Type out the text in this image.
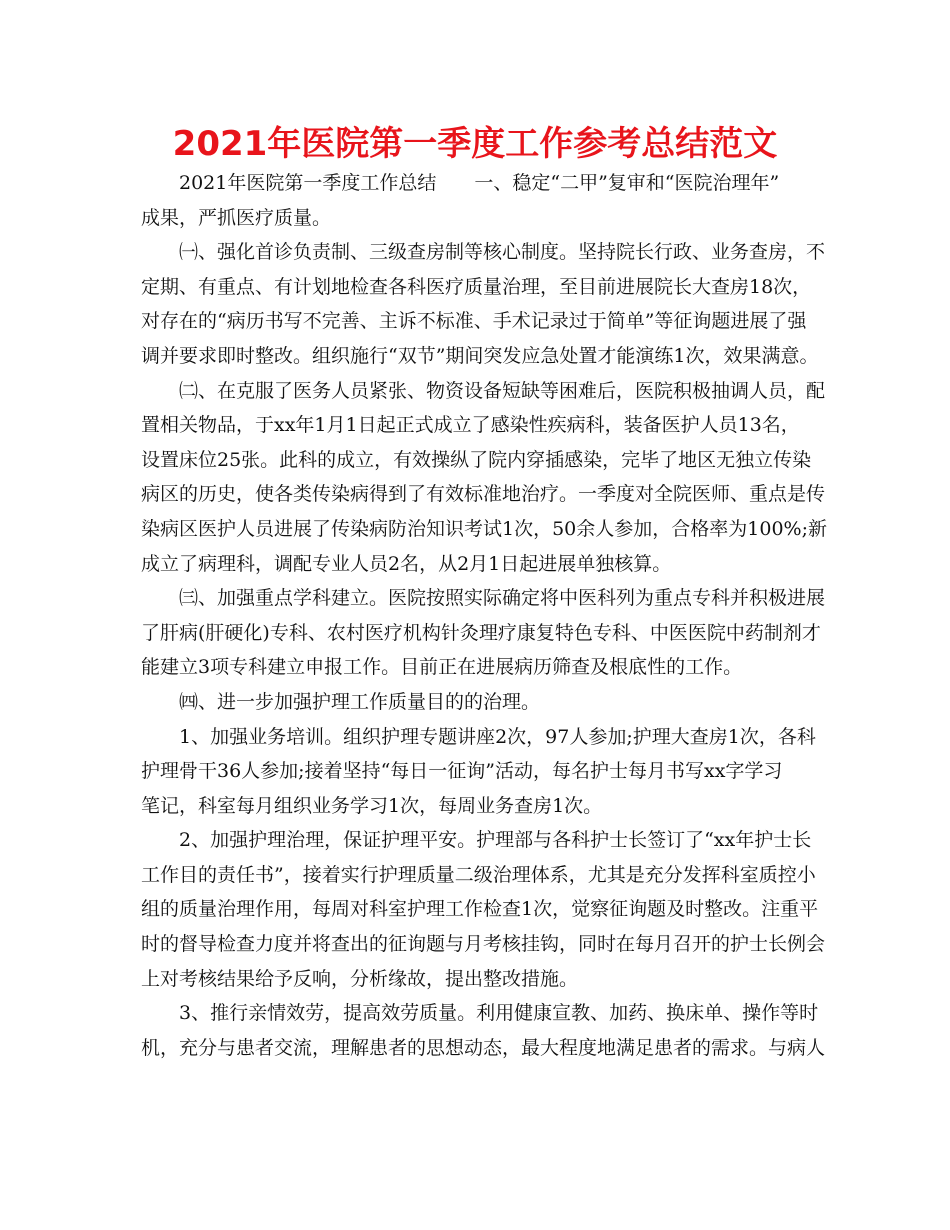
2021年医院第一季度工作参考总结范文

2021年医院第一季度工作总结　　一、稳定“二甲”复审和“医院治理年”
成果，严抓医疗质量。

㈠、强化首诊负责制、三级查房制等核心制度。坚持院长行政、业务查房，不
定期、有重点、有计划地检查各科医疗质量治理，至目前进展院长大查房18次，
对存在的“病历书写不完善、主诉不标准、手术记录过于简单”等征询题进展了强
调并要求即时整改。组织施行“双节”期间突发应急处置才能演练1次，效果满意。

㈡、在克服了医务人员紧张、物资设备短缺等困难后，医院积极抽调人员，配
置相关物品，于xx年1月1日起正式成立了感染性疾病科，装备医护人员13名，
设置床位25张。此科的成立，有效操纵了院内穿插感染，完毕了地区无独立传染
病区的历史，使各类传染病得到了有效标准地治疗。一季度对全院医师、重点是传
染病区医护人员进展了传染病防治知识考试1次，50余人参加，合格率为100%;新
成立了病理科，调配专业人员2名，从2月1日起进展单独核算。

㈢、加强重点学科建立。医院按照实际确定将中医科列为重点专科并积极进展
了肝病(肝硬化)专科、农村医疗机构针灸理疗康复特色专科、中医医院中药制剂才
能建立3项专科建立申报工作。目前正在进展病历筛查及根底性的工作。

㈣、进一步加强护理工作质量目的的治理。

1、加强业务培训。组织护理专题讲座2次，97人参加;护理大查房1次，各科
护理骨干36人参加;接着坚持“每日一征询”活动，每名护士每月书写xx字学习
笔记，科室每月组织业务学习1次，每周业务查房1次。

2、加强护理治理，保证护理平安。护理部与各科护士长签订了“xx年护士长
工作目的责任书”，接着实行护理质量二级治理体系，尤其是充分发挥科室质控小
组的质量治理作用，每周对科室护理工作检查1次，觉察征询题及时整改。注重平
时的督导检查力度并将查出的征询题与月考核挂钩，同时在每月召开的护士长例会
上对考核结果给予反响，分析缘故，提出整改措施。

3、推行亲情效劳，提高效劳质量。利用健康宣教、加药、换床单、操作等时
机，充分与患者交流，理解患者的思想动态，最大程度地满足患者的需求。与病人
